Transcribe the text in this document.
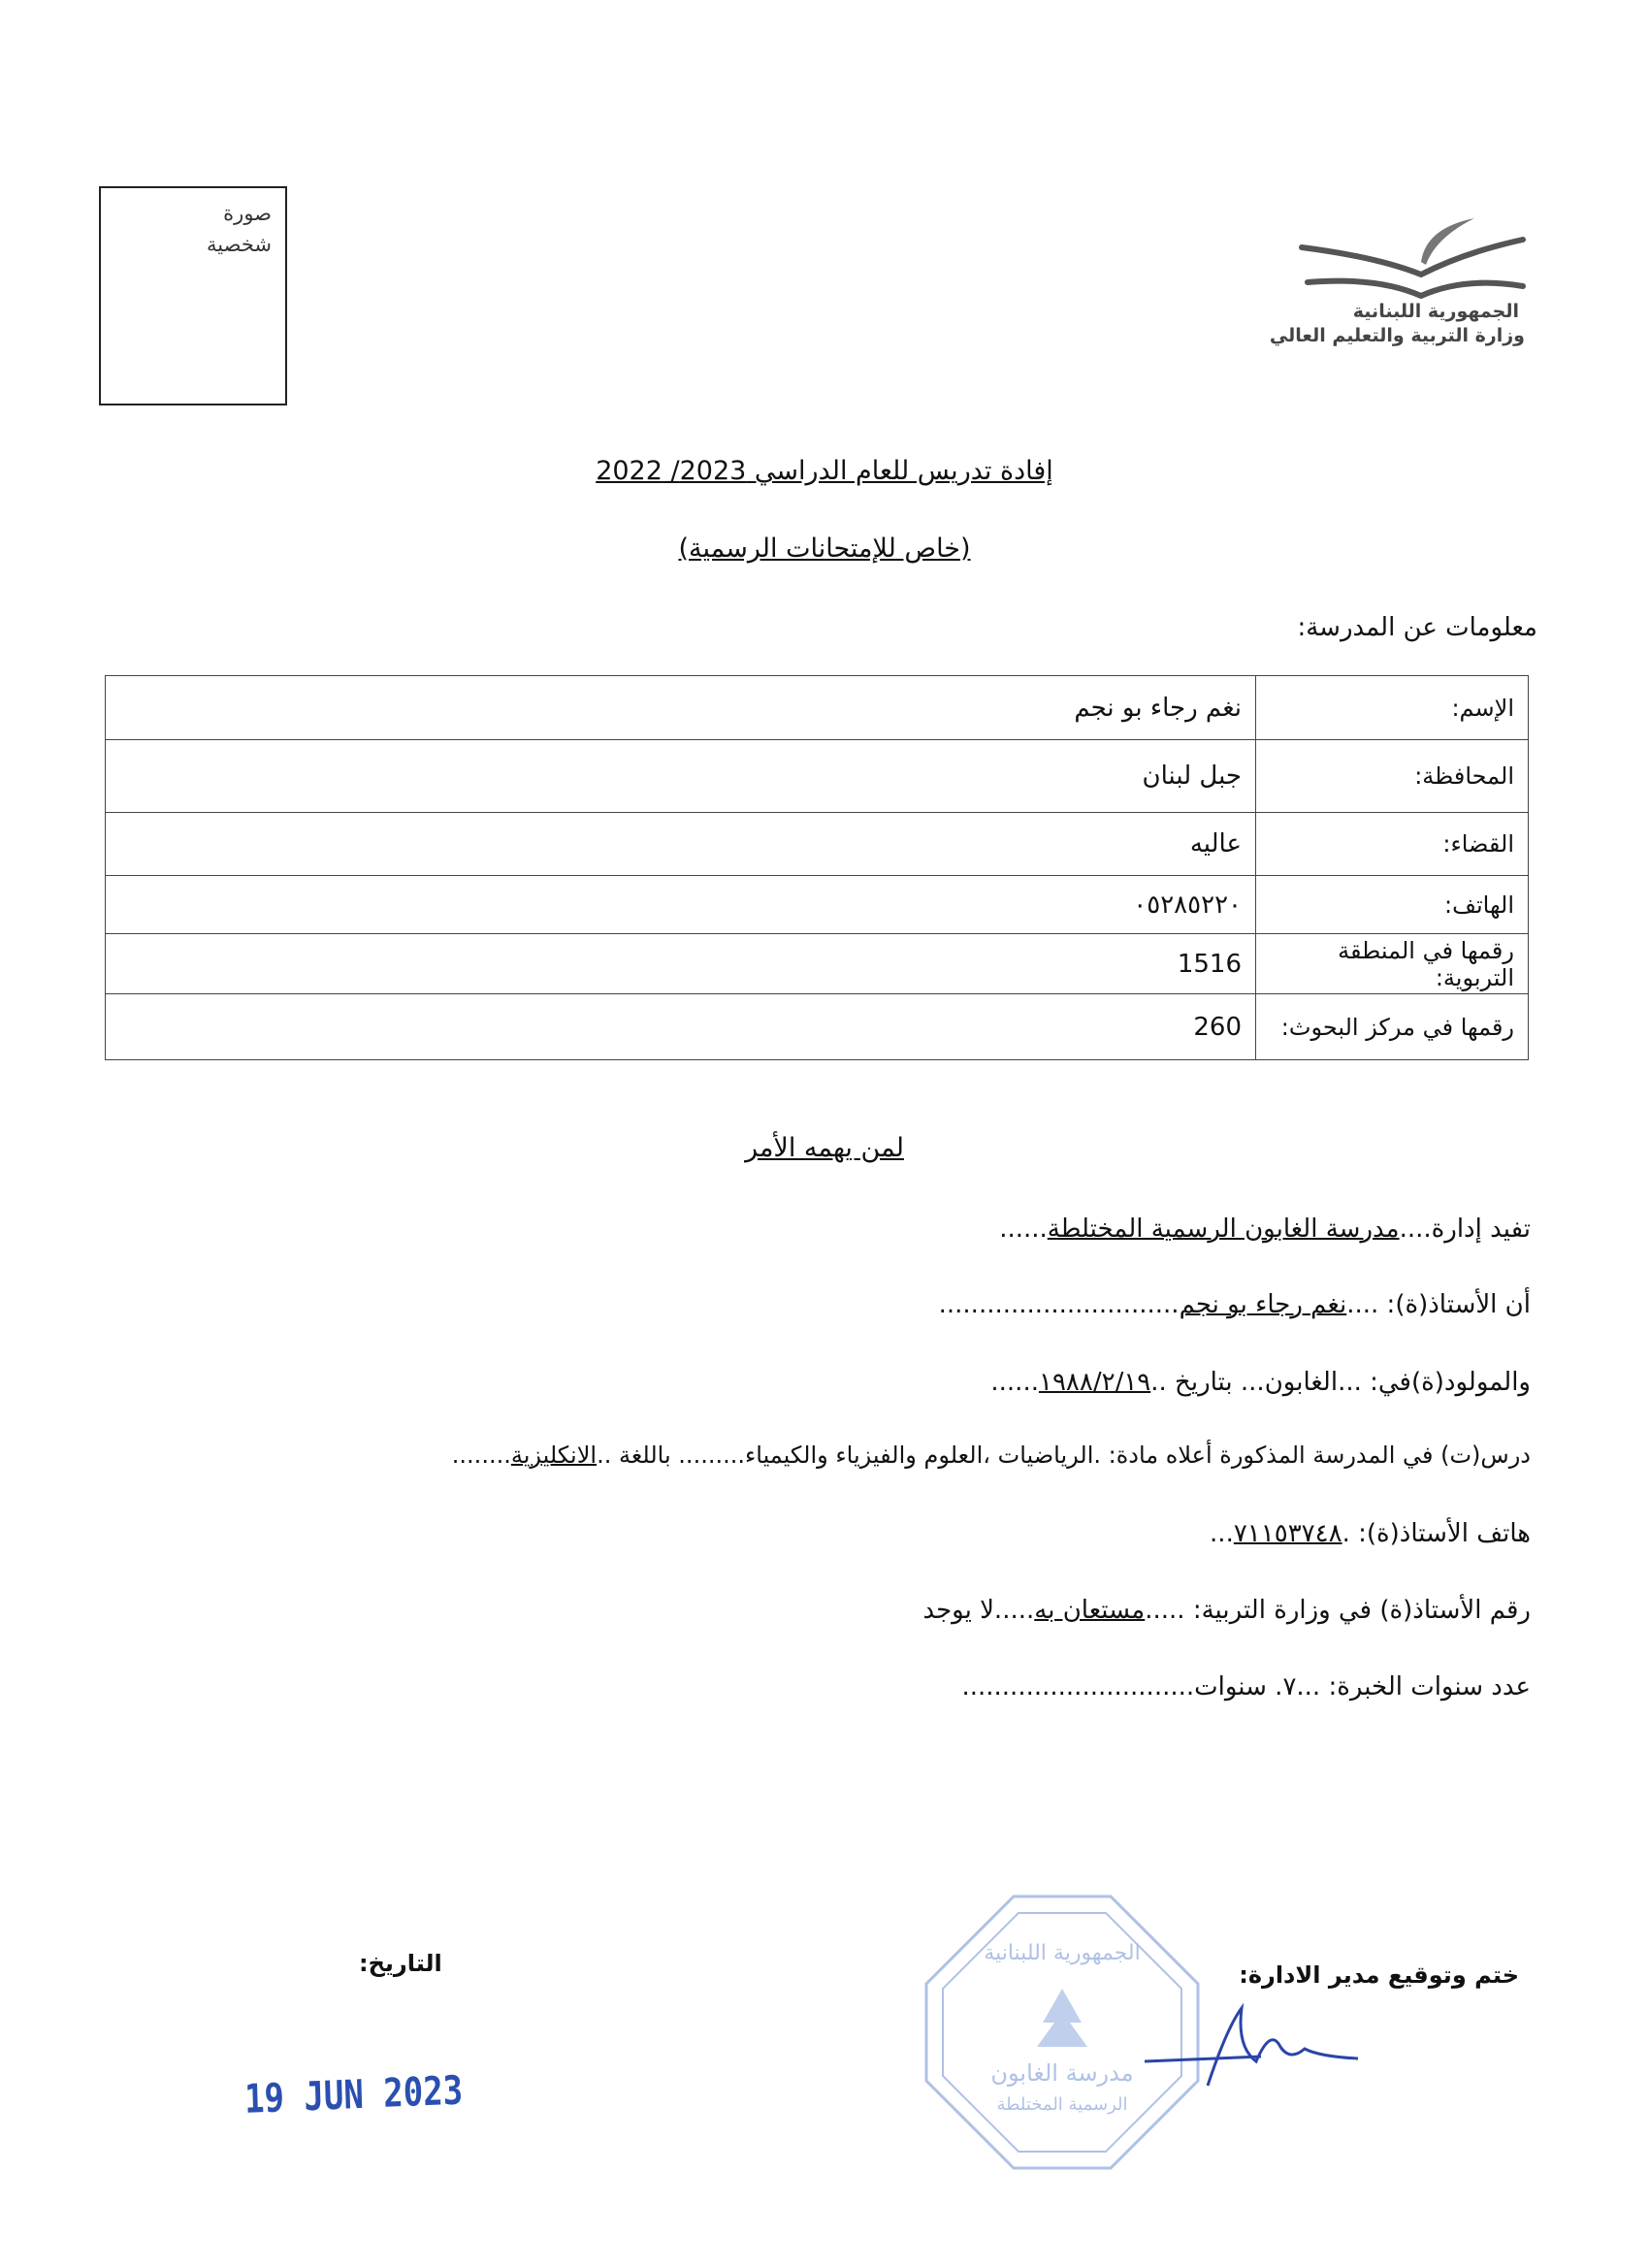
صورة
شخصية
الجمهورية اللبنانية
وزارة التربية والتعليم العالي
إفادة تدريس للعام الدراسي 2023/ 2022
(خاص للإمتحانات الرسمية)
معلومات عن المدرسة:
الإسم:	نغم رجاء بو نجم
المحافظة:	جبل لبنان
القضاء:	عاليه
الهاتف:	٠٥٢٨٥٢٢٠
رقمها في المنطقة التربوية:	1516
رقمها في مركز البحوث:	260
لمن يهمه الأمر
تفيد إدارة....مدرسة الغابون الرسمية المختلطة......
أن الأستاذ(ة): ....نغم رجاء بو نجم..............................
والمولود(ة)في: ...الغابون... بتاريخ ..١٩٨٨/٢/١٩......
درس(ت) في المدرسة المذكورة أعلاه مادة: .الرياضيات ،العلوم والفيزياء والكيمياء......... باللغة ..الانكليزية........
هاتف الأستاذ(ة): .٧١١٥٣٧٤٨...
رقم الأستاذ(ة) في وزارة التربية: .....مستعان به.....لا يوجد
عدد سنوات الخبرة: ...٧. سنوات.............................
التاريخ:
19 JUN 2023
ختم وتوقيع مدير الادارة:
الجمهورية اللبنانية
مدرسة الغابون
الرسمية المختلطة
